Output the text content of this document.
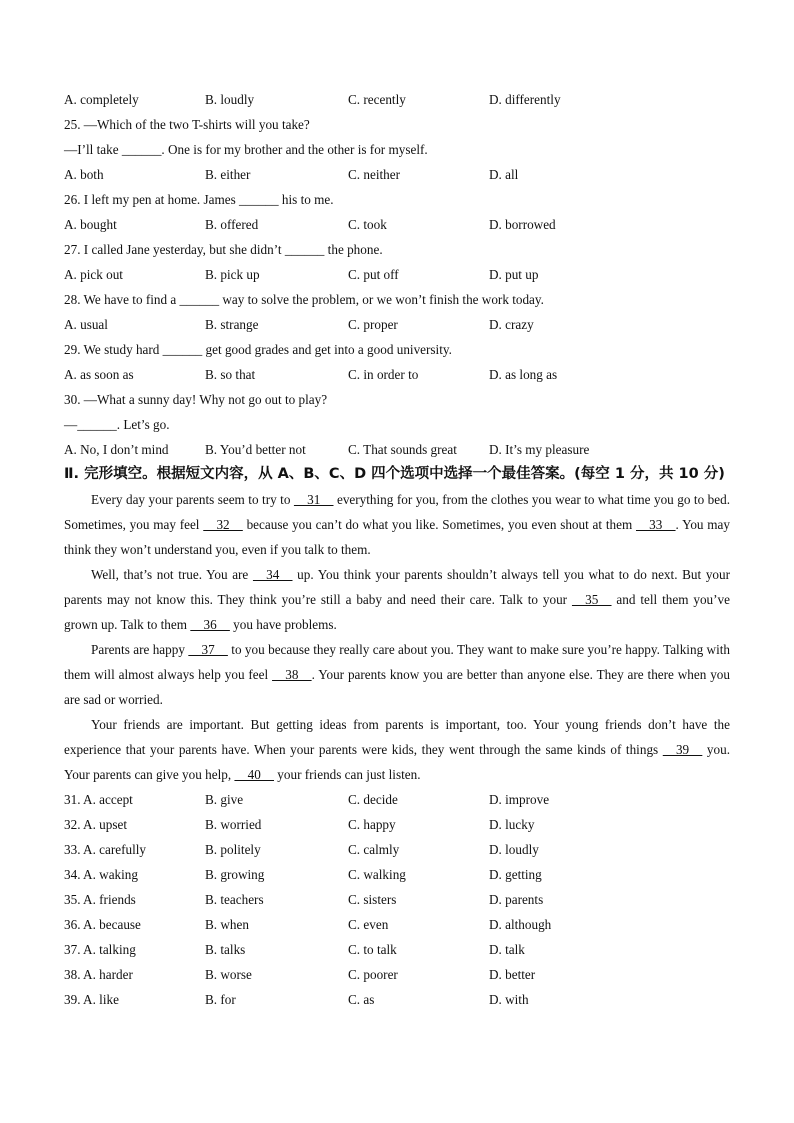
A. completely	B. loudly	C. recently	D. differently
25. —Which of the two T-shirts will you take?
—I’ll take ______. One is for my brother and the other is for myself.
A. both	B. either	C. neither	D. all
26. I left my pen at home. James ______ his to me.
A. bought	B. offered	C. took	D. borrowed
27. I called Jane yesterday, but she didn’t ______ the phone.
A. pick out	B. pick up	C. put off	D. put up
28. We have to find a ______ way to solve the problem, or we won’t finish the work today.
A. usual	B. strange	C. proper	D. crazy
29. We study hard ______ get good grades and get into a good university.
A. as soon as	B. so that	C. in order to	D. as long as
30. —What a sunny day! Why not go out to play?
—______. Let’s go.
A. No, I don’t mind	B. You’d better not	C. That sounds great D. It’s my pleasure
Ⅱ. 完形填空。根据短文内容，从 A、B、C、D 四个选项中选择一个最佳答案。(每空 1 分，共 10 分)

Every day your parents seem to try to     31     everything for you, from the clothes you wear to what time you go to bed. Sometimes, you may feel     32     because you can’t do what you like. Sometimes, you even shout at them     33    . You may think they won’t understand you, even if you talk to them.

Well, that’s not true. You are     34     up. You think your parents shouldn’t always tell you what to do next. But your parents may not know this. They think you’re still a baby and need their care. Talk to your     35     and tell them you’ve grown up. Talk to them     36     you have problems.

Parents are happy     37     to you because they really care about you. They want to make sure you’re happy. Talking with them will almost always help you feel     38    . Your parents know you are better than anyone else. They are there when you are sad or worried.

Your friends are important. But getting ideas from parents is important, too. Your young friends don’t have the experience that your parents have. When your parents were kids, they went through the same kinds of things     39     you. Your parents can give you help,     40     your friends can just listen.

31. A. accept	B. give	C. decide	D. improve
32. A. upset	B. worried	C. happy	D. lucky
33. A. carefully	B. politely	C. calmly	D. loudly
34. A. waking	B. growing	C. walking	D. getting
35. A. friends	B. teachers	C. sisters	D. parents
36. A. because	B. when	C. even	D. although
37. A. talking	B. talks	C. to talk	D. talk
38. A. harder	B. worse	C. poorer	D. better
39. A. like	B. for	C. as	D. with
